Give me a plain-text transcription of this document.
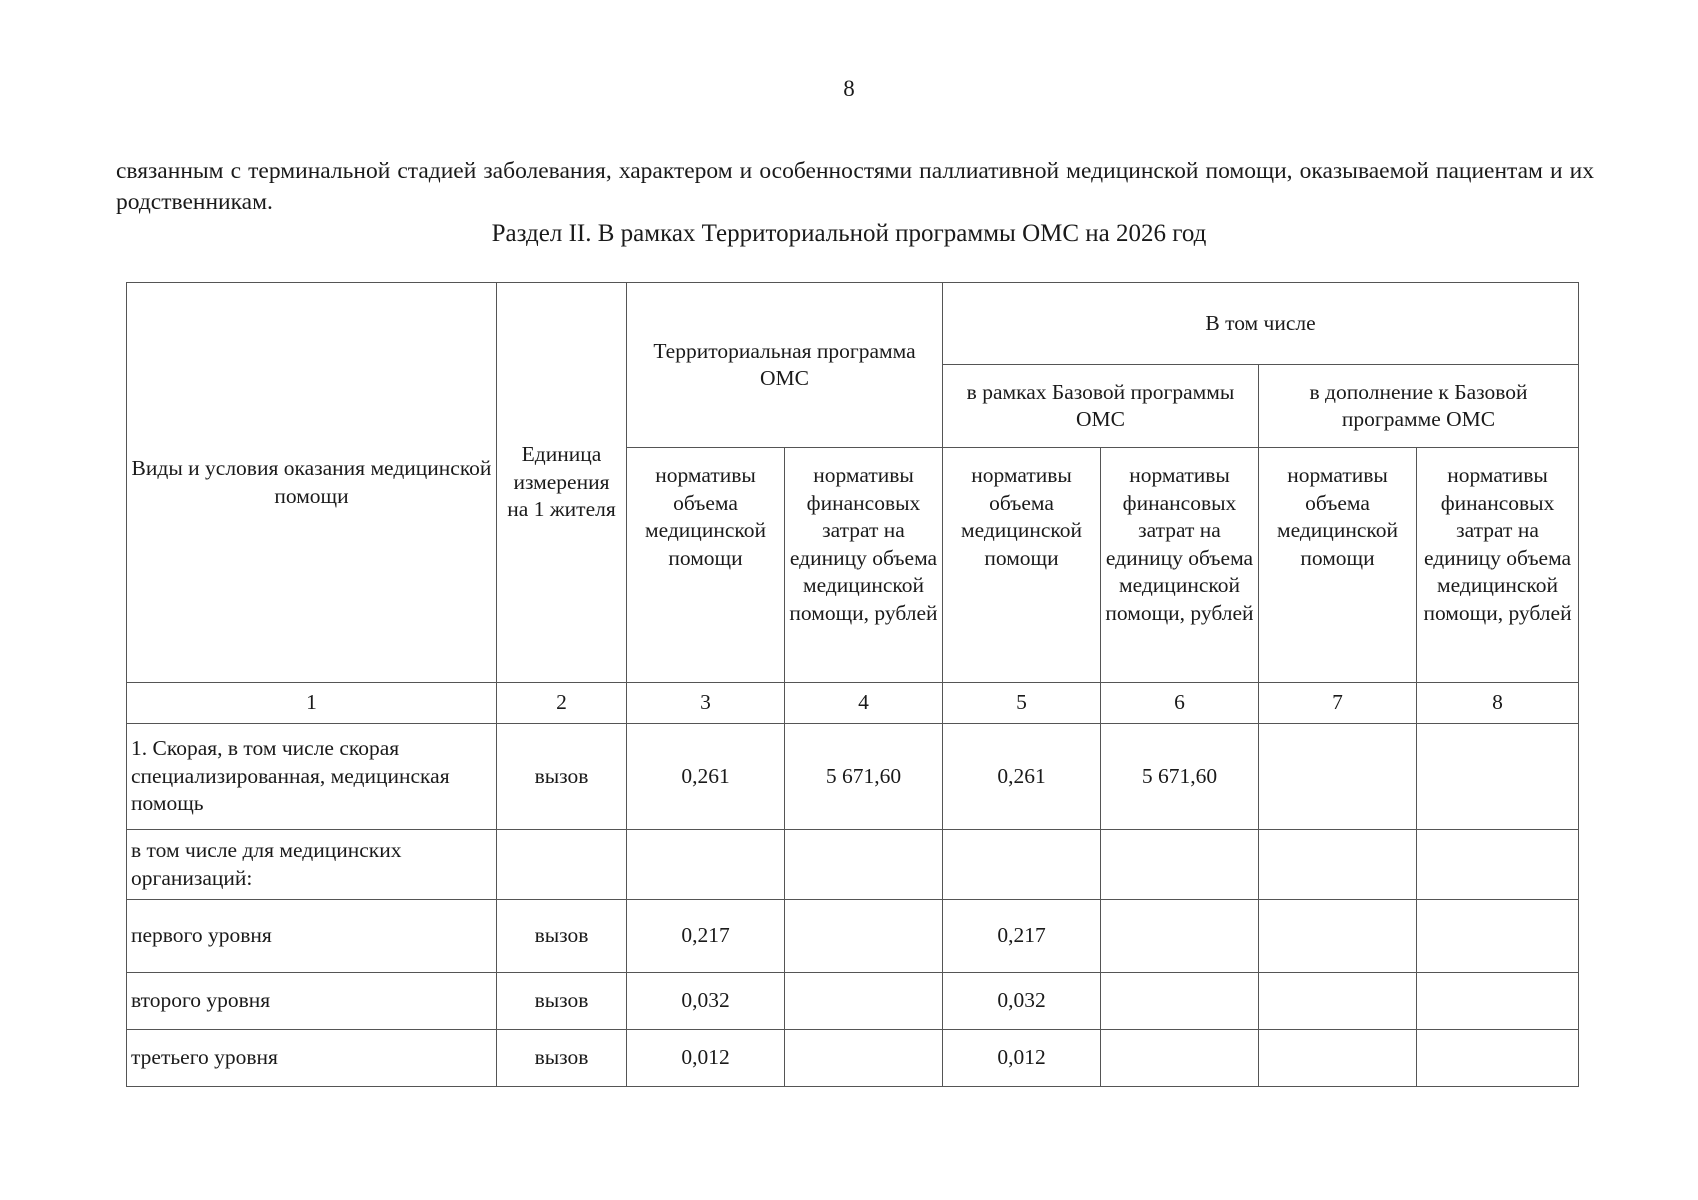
8
связанным с терминальной стадией заболевания, характером и особенностями паллиативной медицинской помощи, оказываемой пациентам и их родственникам.
Раздел II. В рамках Территориальной программы ОМС на 2026 год
Виды и условия оказания медицинской помощи	Единица измерения на 1 жителя	Территориальная программа ОМС		В том числе			
				в рамках Базовой программы ОМС		в дополнение к Базовой программе ОМС	
		нормативы объема медицинской помощи	нормативы финансовых затрат на единицу объема медицинской помощи, рублей	нормативы объема медицинской помощи	нормативы финансовых затрат на единицу объема медицинской помощи, рублей	нормативы объема медицинской помощи	нормативы финансовых затрат на единицу объема медицинской помощи, рублей
1	2	3	4	5	6	7	8
1. Скорая, в том числе скорая специализированная, медицинская помощь	вызов	0,261	5 671,60	0,261	5 671,60		
в том числе для медицинских организаций:							
первого уровня	вызов	0,217		0,217			
второго уровня	вызов	0,032		0,032			
третьего уровня	вызов	0,012		0,012			
